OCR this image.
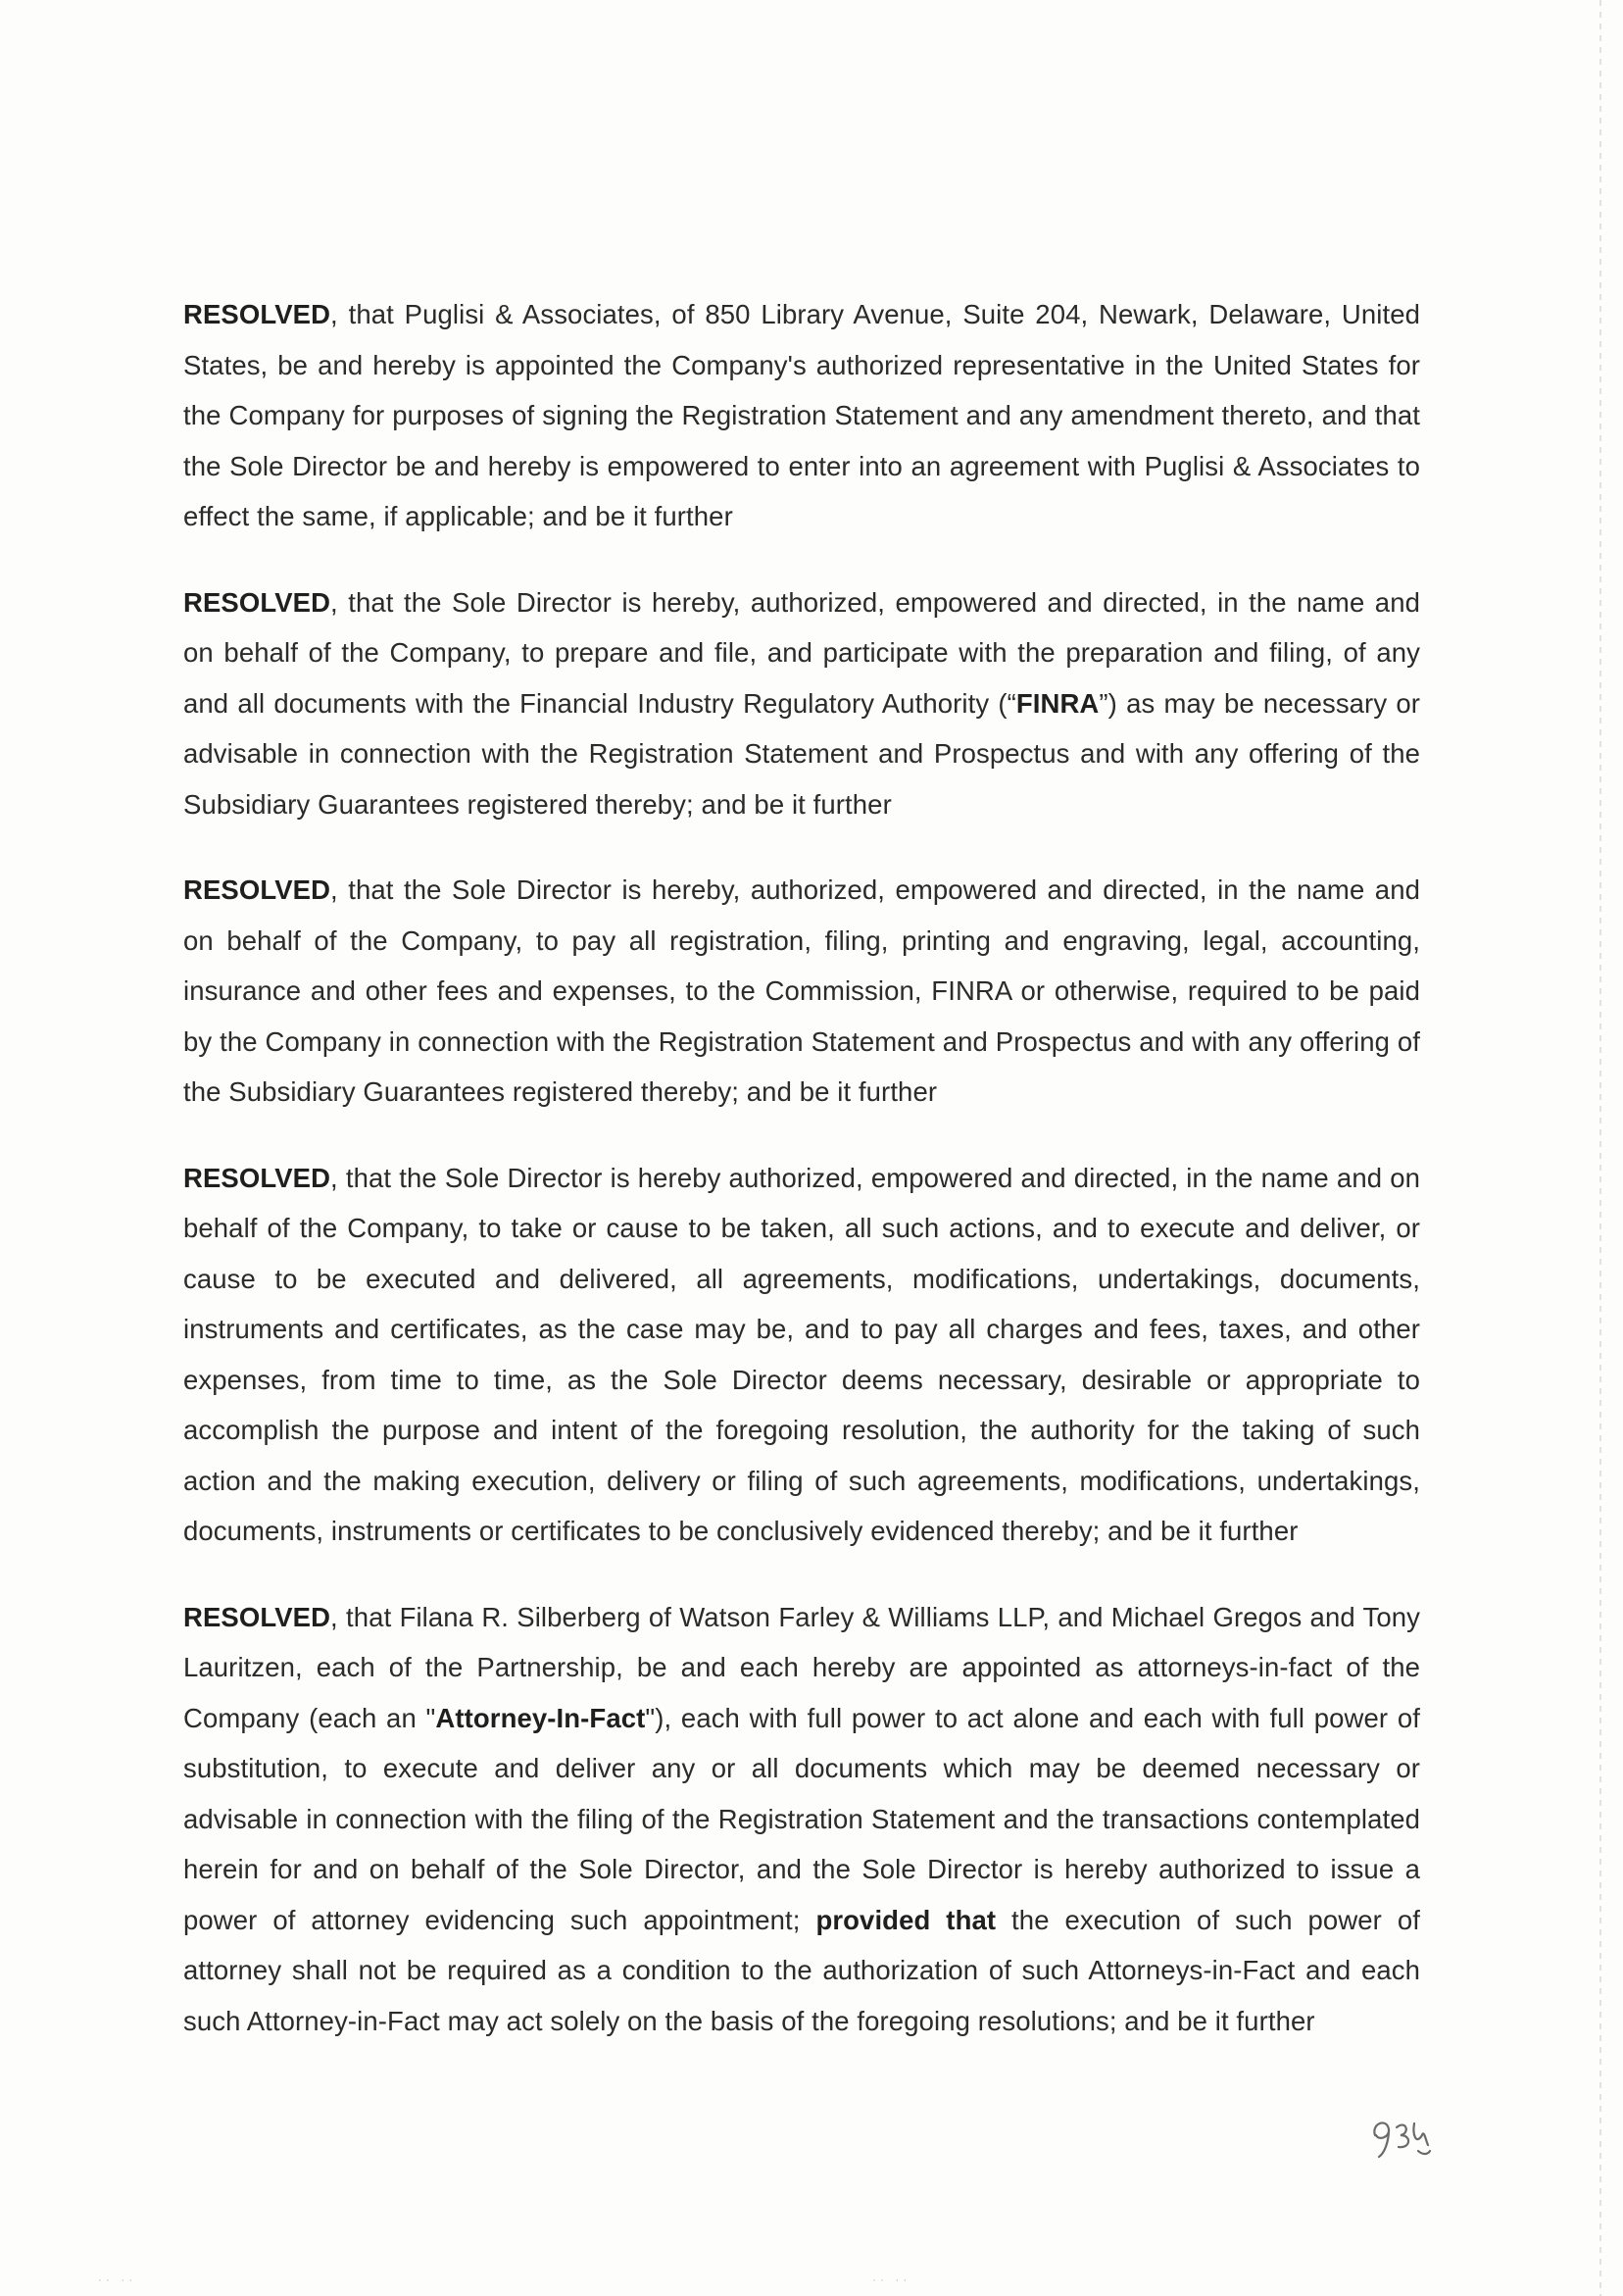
RESOLVED, that Puglisi & Associates, of 850 Library Avenue, Suite 204, Newark, Delaware, United States, be and hereby is appointed the Company's authorized representative in the United States for the Company for purposes of signing the Registration Statement and any amendment thereto, and that the Sole Director be and hereby is empowered to enter into an agreement with Puglisi & Associates to effect the same, if applicable; and be it further

RESOLVED, that the Sole Director is hereby, authorized, empowered and directed, in the name and on behalf of the Company, to prepare and file, and participate with the preparation and filing, of any and all documents with the Financial Industry Regulatory Authority (“FINRA”) as may be necessary or advisable in connection with the Registration Statement and Prospectus and with any offering of the Subsidiary Guarantees registered thereby; and be it further

RESOLVED, that the Sole Director is hereby, authorized, empowered and directed, in the name and on behalf of the Company, to pay all registration, filing, printing and engraving, legal, accounting, insurance and other fees and expenses, to the Commission, FINRA or otherwise, required to be paid by the Company in connection with the Registration Statement and Prospectus and with any offering of the Subsidiary Guarantees registered thereby; and be it further

RESOLVED, that the Sole Director is hereby authorized, empowered and directed, in the name and on behalf of the Company, to take or cause to be taken, all such actions, and to execute and deliver, or cause to be executed and delivered, all agreements, modifications, undertakings, documents, instruments and certificates, as the case may be, and to pay all charges and fees, taxes, and other expenses, from time to time, as the Sole Director deems necessary, desirable or appropriate to accomplish the purpose and intent of the foregoing resolution, the authority for the taking of such action and the making execution, delivery or filing of such agreements, modifications, undertakings, documents, instruments or certificates to be conclusively evidenced thereby; and be it further

RESOLVED, that Filana R. Silberberg of Watson Farley & Williams LLP, and Michael Gregos and Tony Lauritzen, each of the Partnership, be and each hereby are appointed as attorneys-in-fact of the Company (each an "Attorney-In-Fact"), each with full power to act alone and each with full power of substitution, to execute and deliver any or all documents which may be deemed necessary or advisable in connection with the filing of the Registration Statement and the transactions contemplated herein for and on behalf of the Sole Director, and the Sole Director is hereby authorized to issue a power of attorney evidencing such appointment; provided that the execution of such power of attorney shall not be required as a condition to the authorization of such Attorneys-in-Fact and each such Attorney-in-Fact may act solely on the basis of the foregoing resolutions; and be it further

·· ··	·· ··
